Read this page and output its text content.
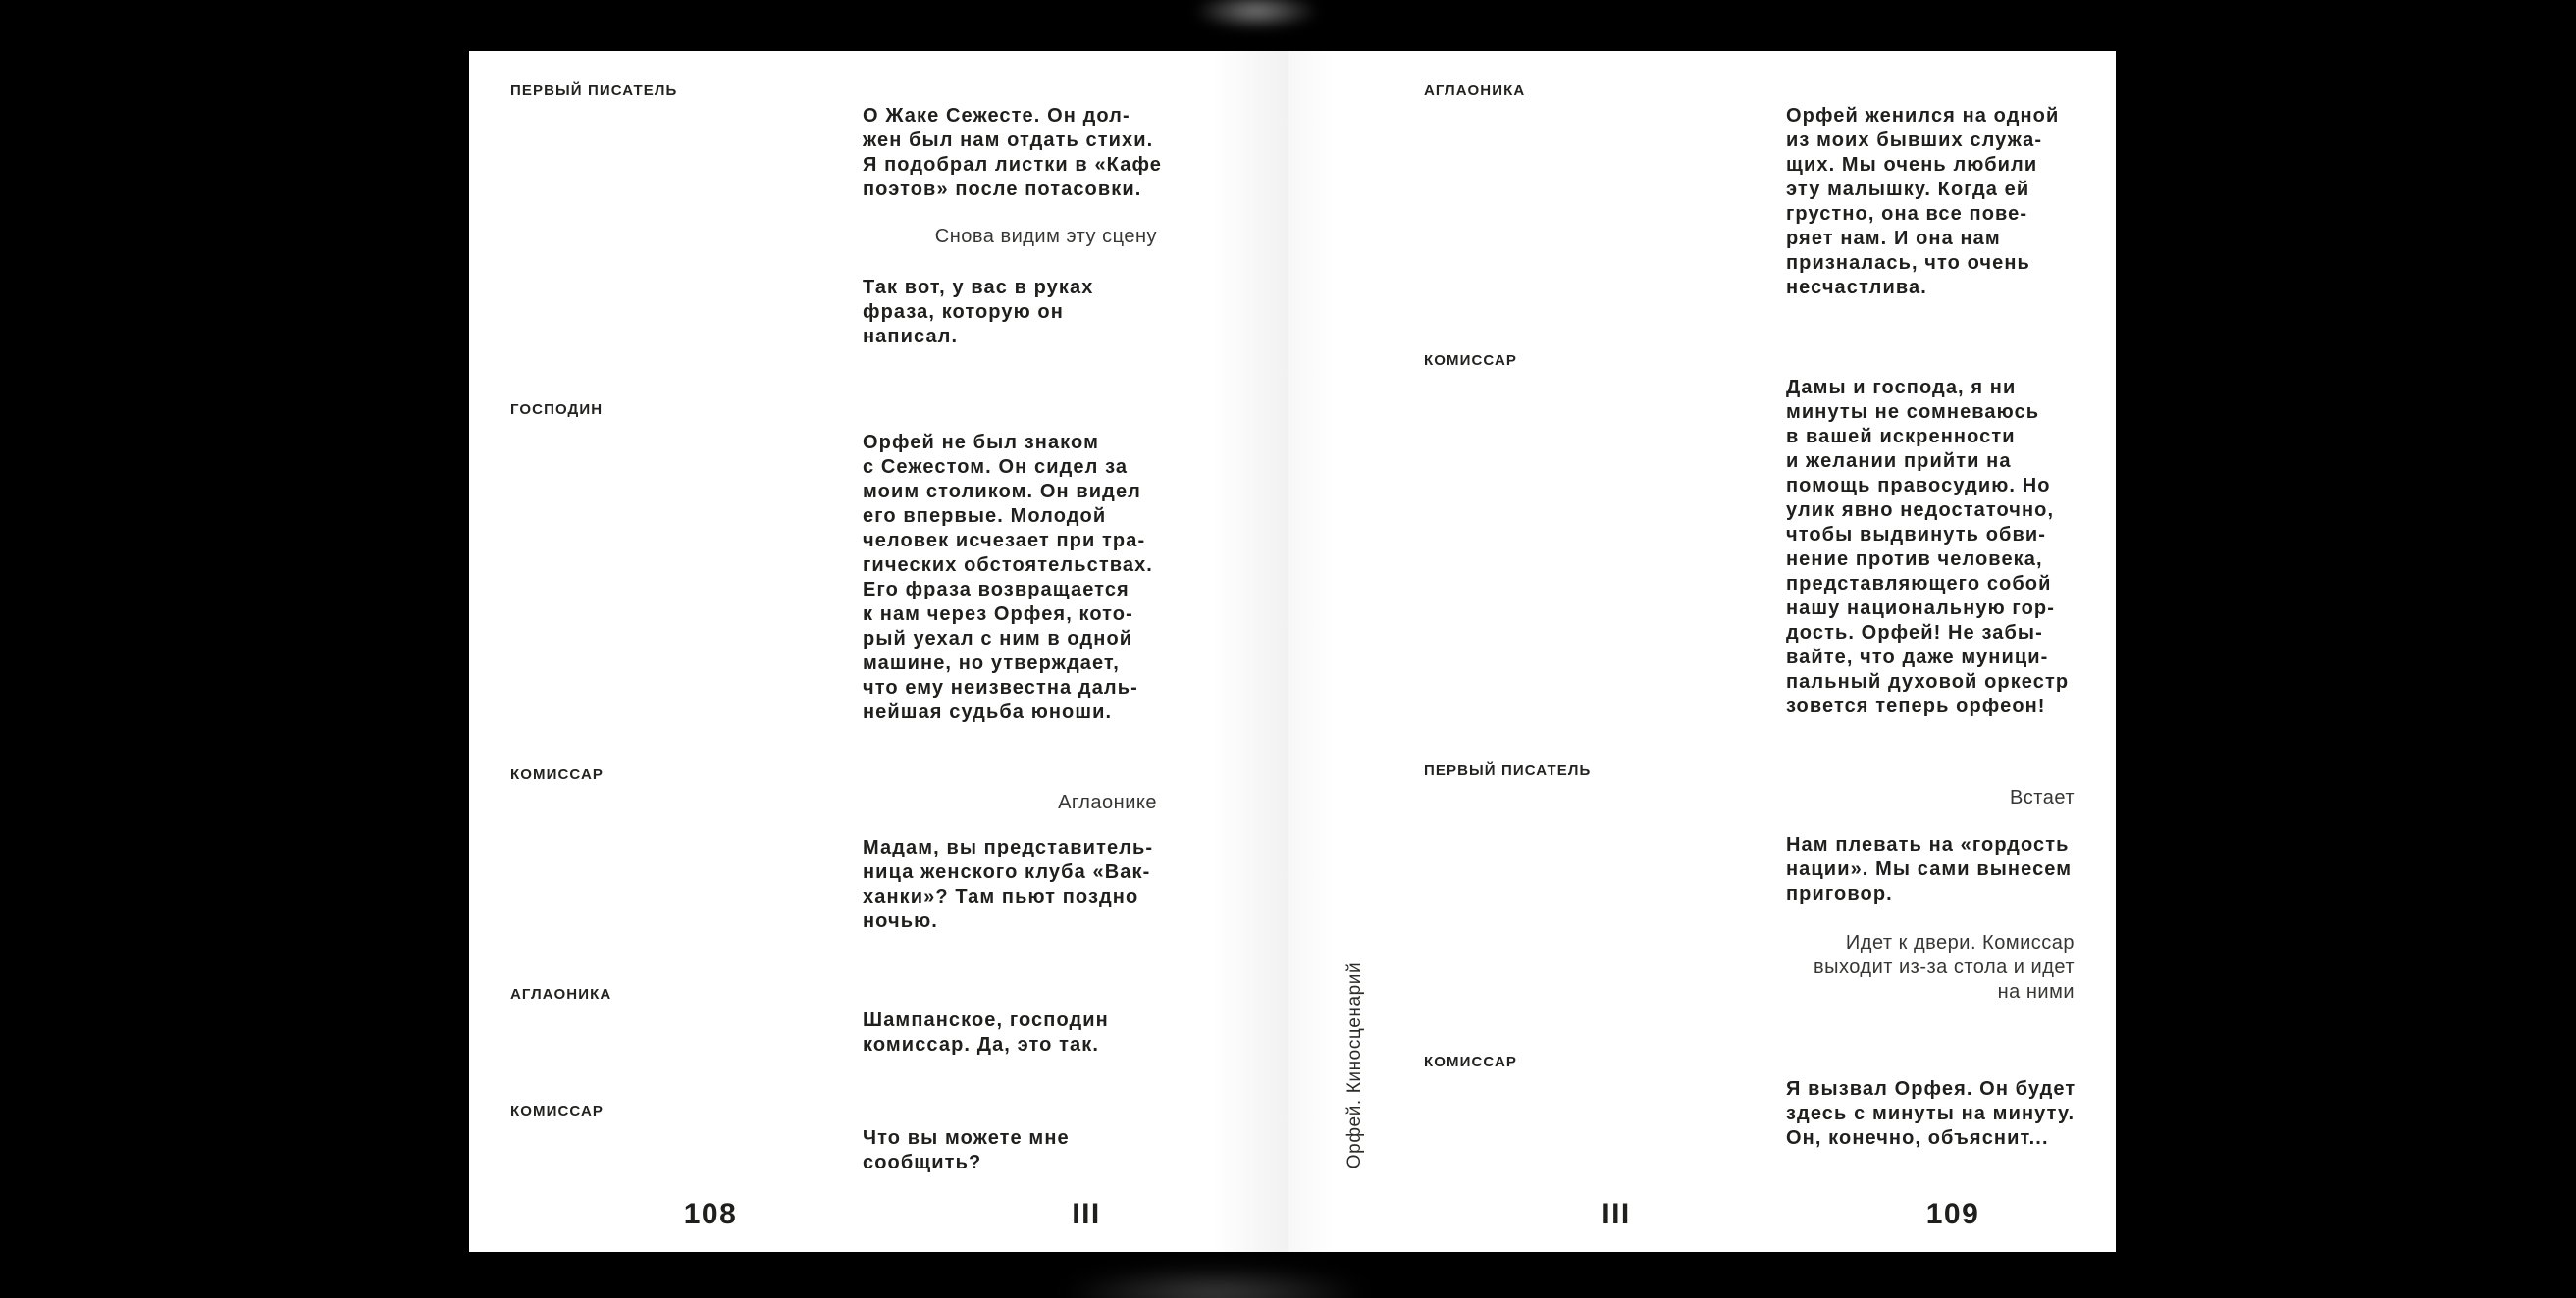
ПЕРВЫЙ ПИСАТЕЛЬ
О Жаке Сежесте. Он дол-
жен был нам отдать стихи.
Я подобрал листки в «Кафе
поэтов» после потасовки.
Снова видим эту сцену
Так вот, у вас в руках
фраза, которую он
написал.
ГОСПОДИН
Орфей не был знаком
с Сежестом. Он сидел за
моим столиком. Он видел
его впервые. Молодой
человек исчезает при тра-
гических обстоятельствах.
Его фраза возвращается
к нам через Орфея, кото-
рый уехал с ним в одной
машине, но утверждает,
что ему неизвестна даль-
нейшая судьба юноши.
КОМИССАР
Аглаонике
Мадам, вы представитель-
ница женского клуба «Вак-
ханки»? Там пьют поздно
ночью.
АГЛАОНИКА
Шампанское, господин
комиссар. Да, это так.
КОМИССАР
Что вы можете мне
сообщить?
108	III
АГЛАОНИКА
Орфей женился на одной
из моих бывших служа-
щих. Мы очень любили
эту малышку. Когда ей
грустно, она все пове-
ряет нам. И она нам
призналась, что очень
несчастлива.
КОМИССАР
Дамы и господа, я ни
минуты не сомневаюсь
в вашей искренности
и желании прийти на
помощь правосудию. Но
улик явно недостаточно,
чтобы выдвинуть обви-
нение против человека,
представляющего собой
нашу национальную гор-
дость. Орфей! Не забы-
вайте, что даже муници-
пальный духовой оркестр
зовется теперь орфеон!
ПЕРВЫЙ ПИСАТЕЛЬ
Встает
Нам плевать на «гордость
нации». Мы сами вынесем
приговор.
Идет к двери. Комиссар
выходит из-за стола и идет
на ними
КОМИССАР
Я вызвал Орфея. Он будет
здесь с минуты на минуту.
Он, конечно, объяснит...
Орфей. Киносценарий
III	109
